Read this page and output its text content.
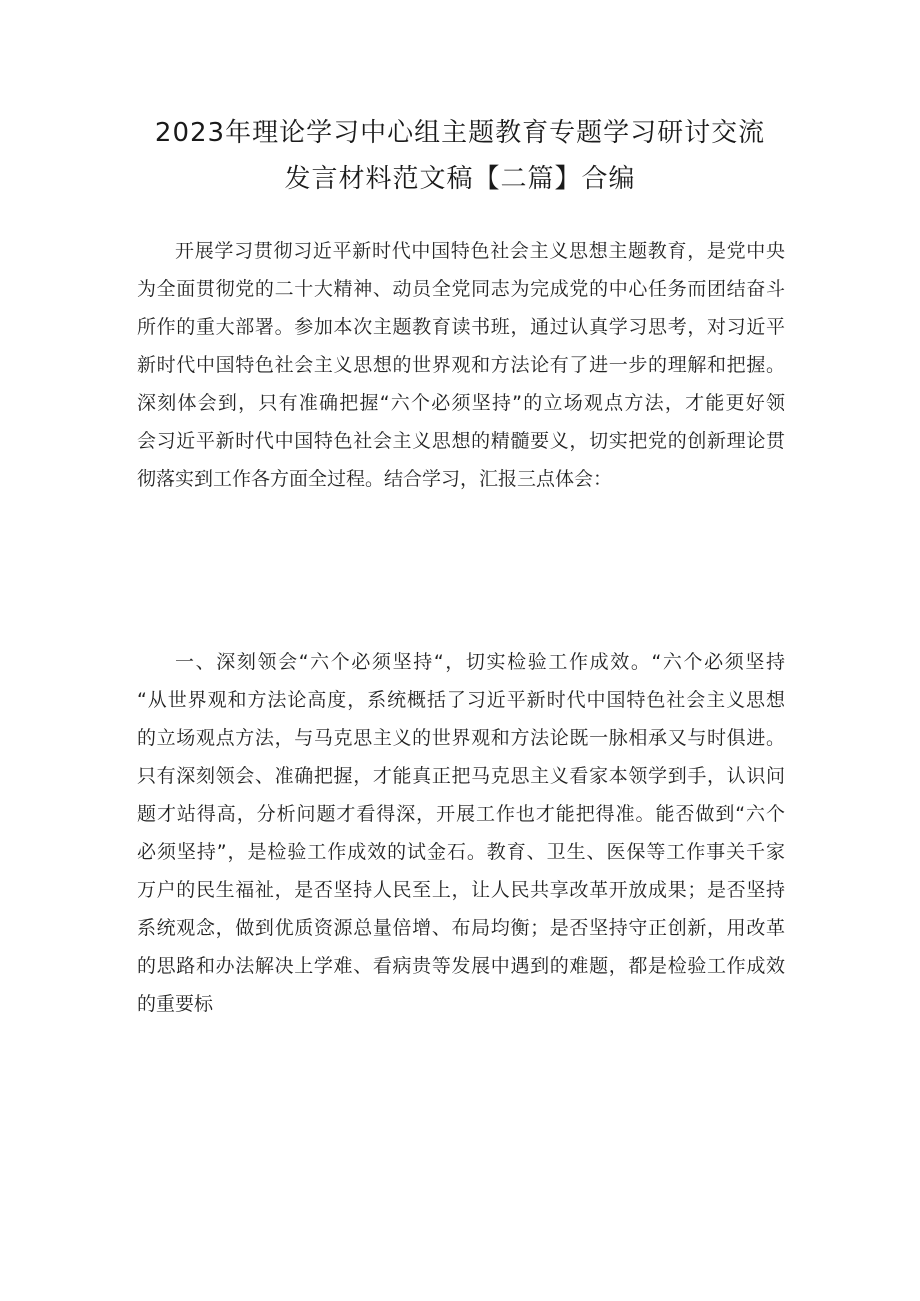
2023年理论学习中心组主题教育专题学习研讨交流
发言材料范文稿【二篇】合编
开展学习贯彻习近平新时代中国特色社会主义思想主题教育，是党中央
为全面贯彻党的二十大精神、动员全党同志为完成党的中心任务而团结奋斗
所作的重大部署。参加本次主题教育读书班，通过认真学习思考，对习近平
新时代中国特色社会主义思想的世界观和方法论有了进一步的理解和把握。
深刻体会到，只有准确把握“六个必须坚持”的立场观点方法，才能更好领
会习近平新时代中国特色社会主义思想的精髓要义，切实把党的创新理论贯
彻落实到工作各方面全过程。结合学习，汇报三点体会：
一、深刻领会“六个必须坚持“，切实检验工作成效。“六个必须坚持
“从世界观和方法论高度，系统概括了习近平新时代中国特色社会主义思想
的立场观点方法，与马克思主义的世界观和方法论既一脉相承又与时俱进。
只有深刻领会、准确把握，才能真正把马克思主义看家本领学到手，认识问
题才站得高，分析问题才看得深，开展工作也才能把得准。能否做到“六个
必须坚持”，是检验工作成效的试金石。教育、卫生、医保等工作事关千家
万户的民生福祉，是否坚持人民至上，让人民共享改革开放成果；是否坚持
系统观念，做到优质资源总量倍增、布局均衡；是否坚持守正创新，用改革
的思路和办法解决上学难、看病贵等发展中遇到的难题，都是检验工作成效
的重要标
